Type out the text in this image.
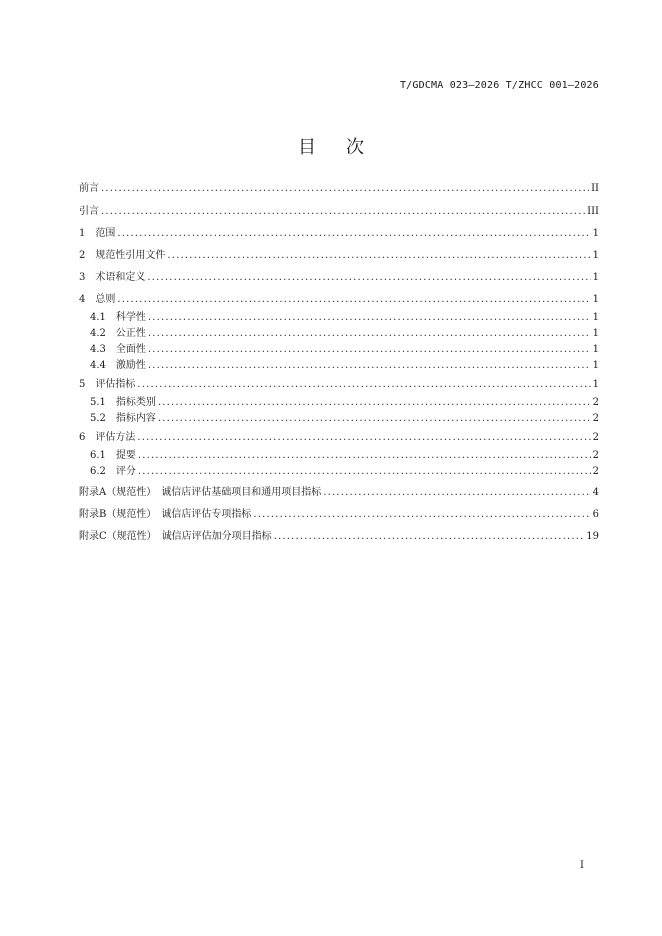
T/GDCMA 023—2026 T/ZHCC 001—2026
目次
前言 .....	II
引言 .....	III
1　范围 .....	1
2　规范性引用文件 .....	1
3　术语和定义 .....	1
4　总则 .....	1
4.1　科学性 .....	1
4.2　公正性 .....	1
4.3　全面性 .....	1
4.4　激励性 .....	1
5　评估指标 .....	1
5.1　指标类别 .....	2
5.2　指标内容 .....	2
6　评估方法 .....	2
6.1　提要 .....	2
6.2　评分 .....	2
附录A（规范性）　诚信店评估基础项目和通用项目指标 .....	4
附录B（规范性）　诚信店评估专项指标 .....	6
附录C（规范性）　诚信店评估加分项目指标 .....	19
I
